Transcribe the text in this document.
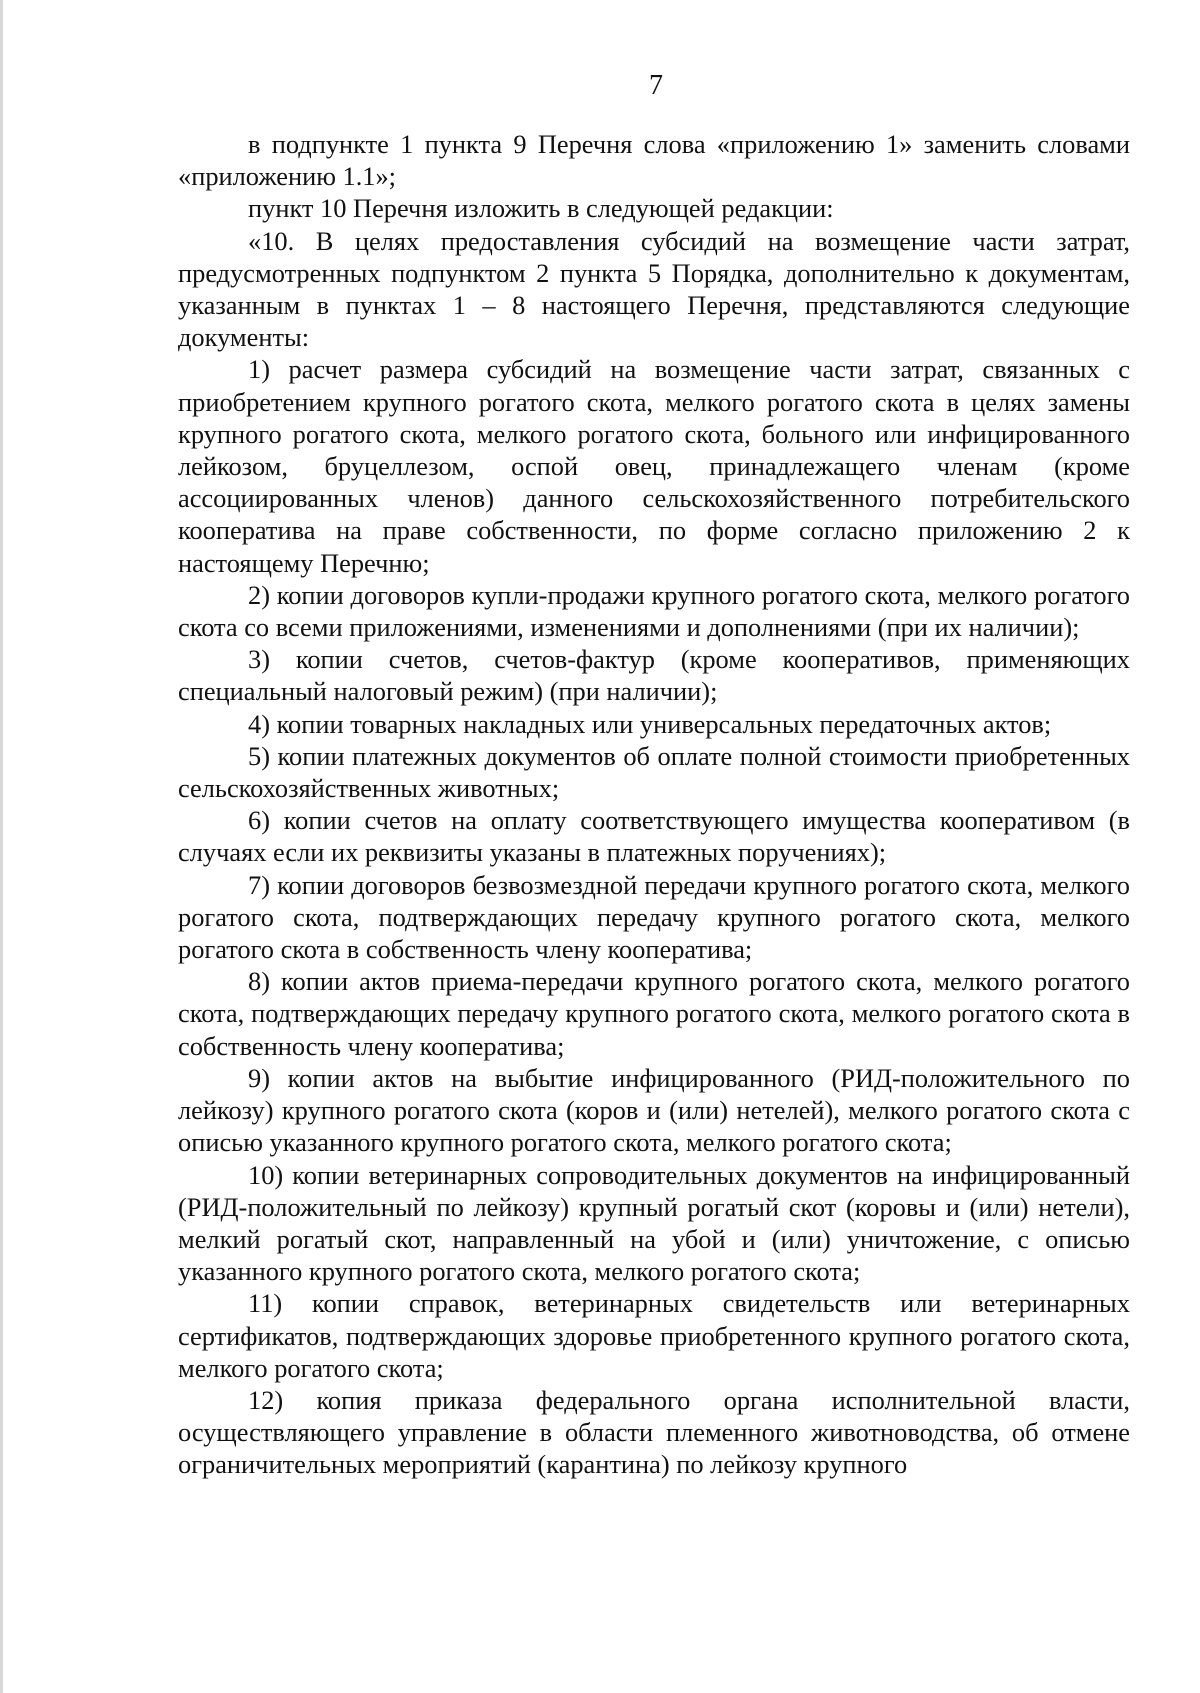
7

в подпункте 1 пункта 9 Перечня слова «приложению 1» заменить словами «приложению 1.1»;

пункт 10 Перечня изложить в следующей редакции:

«10. В целях предоставления субсидий на возмещение части затрат, предусмотренных подпунктом 2 пункта 5 Порядка, дополнительно к документам, указанным в пунктах 1 – 8 настоящего Перечня, представляются следующие документы:

1) расчет размера субсидий на возмещение части затрат, связанных с приобретением крупного рогатого скота, мелкого рогатого скота в целях замены крупного рогатого скота, мелкого рогатого скота, больного или инфицированного лейкозом, бруцеллезом, оспой овец, принадлежащего членам (кроме ассоциированных членов) данного сельскохозяйственного потребительского кооператива на праве собственности, по форме согласно приложению 2 к настоящему Перечню;

2) копии договоров купли-продажи крупного рогатого скота, мелкого рогатого скота со всеми приложениями, изменениями и дополнениями (при их наличии);

3) копии счетов, счетов-фактур (кроме кооперативов, применяющих специальный налоговый режим) (при наличии);

4) копии товарных накладных или универсальных передаточных актов;

5) копии платежных документов об оплате полной стоимости приобретенных сельскохозяйственных животных;

6) копии счетов на оплату соответствующего имущества кооперативом (в случаях если их реквизиты указаны в платежных поручениях);

7) копии договоров безвозмездной передачи крупного рогатого скота, мелкого рогатого скота, подтверждающих передачу крупного рогатого скота, мелкого рогатого скота в собственность члену кооператива;

8) копии актов приема-передачи крупного рогатого скота, мелкого рогатого скота, подтверждающих передачу крупного рогатого скота, мелкого рогатого скота в собственность члену кооператива;

9) копии актов на выбытие инфицированного (РИД-положительного по лейкозу) крупного рогатого скота (коров и (или) нетелей), мелкого рогатого скота с описью указанного крупного рогатого скота, мелкого рогатого скота;

10) копии ветеринарных сопроводительных документов на инфицированный (РИД-положительный по лейкозу) крупный рогатый скот (коровы и (или) нетели), мелкий рогатый скот, направленный на убой и (или) уничтожение, с описью указанного крупного рогатого скота, мелкого рогатого скота;

11) копии справок, ветеринарных свидетельств или ветеринарных сертификатов, подтверждающих здоровье приобретенного крупного рогатого скота, мелкого рогатого скота;

12) копия приказа федерального органа исполнительной власти, осуществляющего управление в области племенного животноводства, об отмене ограничительных мероприятий (карантина) по лейкозу крупного
